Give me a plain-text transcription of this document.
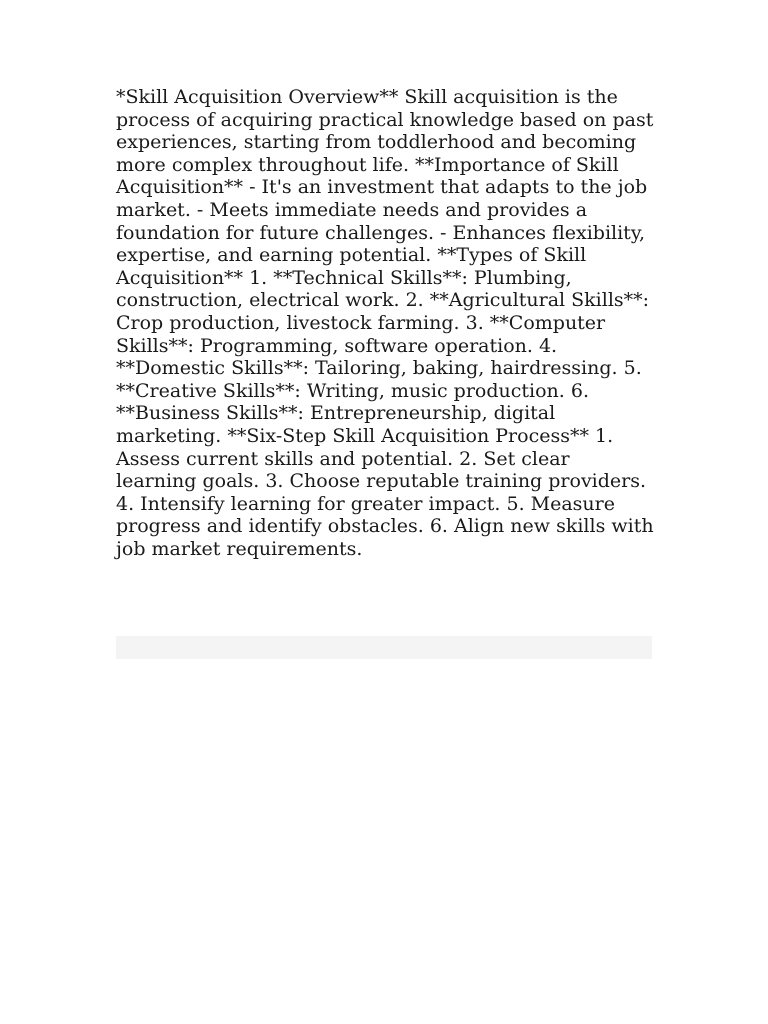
*Skill Acquisition Overview** Skill acquisition is the process of acquiring practical knowledge based on past experiences, starting from toddlerhood and becoming more complex throughout life. **Importance of Skill Acquisition** - It's an investment that adapts to the job market. - Meets immediate needs and provides a foundation for future challenges. - Enhances flexibility, expertise, and earning potential. **Types of Skill Acquisition** 1. **Technical Skills**: Plumbing, construction, electrical work. 2. **Agricultural Skills**: Crop production, livestock farming. 3. **Computer Skills**: Programming, software operation. 4. **Domestic Skills**: Tailoring, baking, hairdressing. 5. **Creative Skills**: Writing, music production. 6. **Business Skills**: Entrepreneurship, digital marketing. **Six-Step Skill Acquisition Process** 1. Assess current skills and potential. 2. Set clear learning goals. 3. Choose reputable training providers. 4. Intensify learning for greater impact. 5. Measure progress and identify obstacles. 6. Align new skills with job market requirements.
